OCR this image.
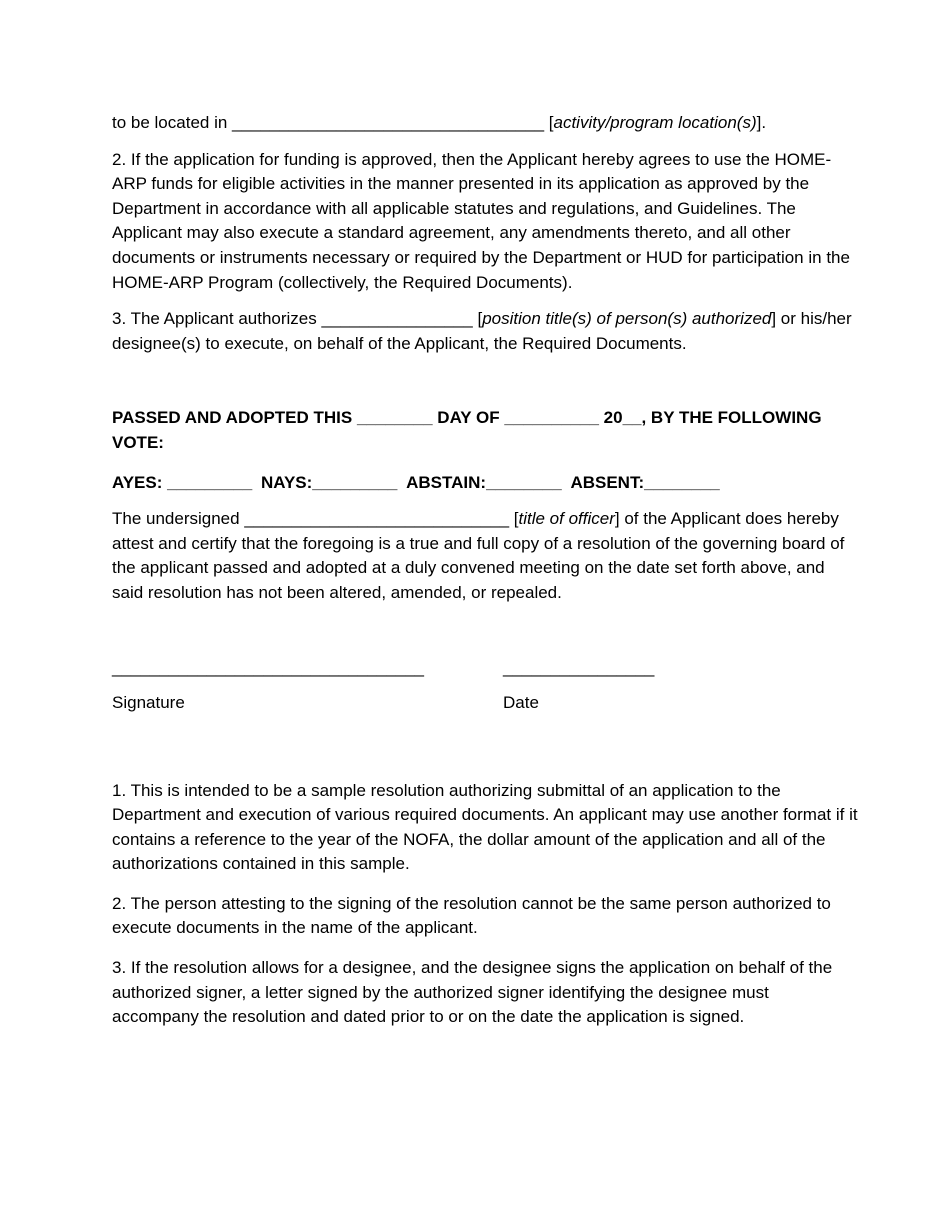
to be located in _________________________________ [activity/program location(s)].

2. If the application for funding is approved, then the Applicant hereby agrees to use the HOME-ARP funds for eligible activities in the manner presented in its application as approved by the Department in accordance with all applicable statutes and regulations, and Guidelines. The Applicant may also execute a standard agreement, any amendments thereto, and all other documents or instruments necessary or required by the Department or HUD for participation in the HOME-ARP Program (collectively, the Required Documents).

3. The Applicant authorizes ________________ [position title(s) of person(s) authorized] or his/her designee(s) to execute, on behalf of the Applicant, the Required Documents.

PASSED AND ADOPTED THIS ________ DAY OF __________ 20__, BY THE FOLLOWING VOTE:

AYES: _________ NAYS:_________ ABSTAIN:________ ABSENT:________

The undersigned ____________________________ [title of officer] of the Applicant does hereby attest and certify that the foregoing is a true and full copy of a resolution of the governing board of the applicant passed and adopted at a duly convened meeting on the date set forth above, and said resolution has not been altered, amended, or repealed.

_________________________________	________________
Signature	Date

1. This is intended to be a sample resolution authorizing submittal of an application to the Department and execution of various required documents. An applicant may use another format if it contains a reference to the year of the NOFA, the dollar amount of the application and all of the authorizations contained in this sample.

2. The person attesting to the signing of the resolution cannot be the same person authorized to execute documents in the name of the applicant.

3. If the resolution allows for a designee, and the designee signs the application on behalf of the authorized signer, a letter signed by the authorized signer identifying the designee must accompany the resolution and dated prior to or on the date the application is signed.
